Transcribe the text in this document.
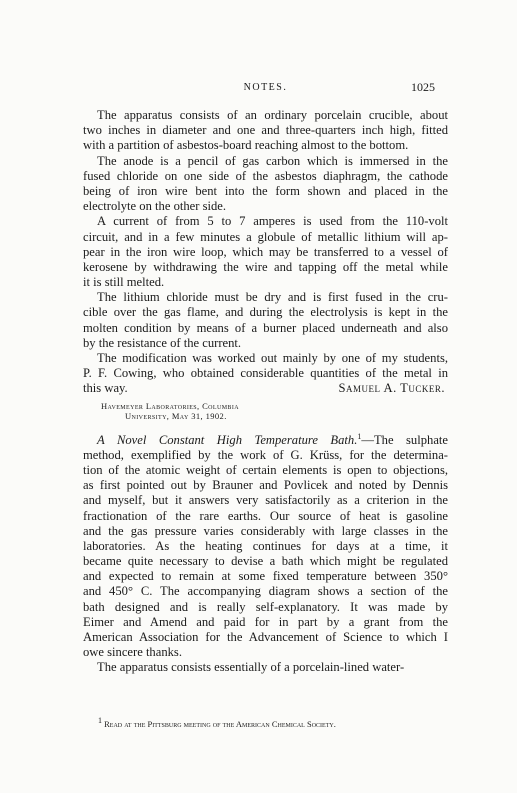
NOTES.	1025
The apparatus consists of an ordinary porcelain crucible, about
two inches in diameter and one and three-quarters inch high, fitted
with a partition of asbestos-board reaching almost to the bottom.
The anode is a pencil of gas carbon which is immersed in the
fused chloride on one side of the asbestos diaphragm, the cathode
being of iron wire bent into the form shown and placed in the
electrolyte on the other side.
A current of from 5 to 7 amperes is used from the 110-volt
circuit, and in a few minutes a globule of metallic lithium will ap-
pear in the iron wire loop, which may be transferred to a vessel of
kerosene by withdrawing the wire and tapping off the metal while
it is still melted.
The lithium chloride must be dry and is first fused in the cru-
cible over the gas flame, and during the electrolysis is kept in the
molten condition by means of a burner placed underneath and also
by the resistance of the current.
The modification was worked out mainly by one of my students,
P. F. Cowing, who obtained considerable quantities of the metal in
this way.	Samuel A. Tucker.
Havemeyer Laboratories, Columbia
University, May 31, 1902.
A Novel Constant High Temperature Bath.$^1$—The sulphate
method, exemplified by the work of G. Krüss, for the determina-
tion of the atomic weight of certain elements is open to objections,
as first pointed out by Brauner and Povlicek and noted by Dennis
and myself, but it answers very satisfactorily as a criterion in the
fractionation of the rare earths. Our source of heat is gasoline
and the gas pressure varies considerably with large classes in the
laboratories. As the heating continues for days at a time, it
became quite necessary to devise a bath which might be regulated
and expected to remain at some fixed temperature between 350°
and 450° C. The accompanying diagram shows a section of the
bath designed and is really self-explanatory. It was made by
Eimer and Amend and paid for in part by a grant from the
American Association for the Advancement of Science to which I
owe sincere thanks.
The apparatus consists essentially of a porcelain-lined water-
$^1$ Read at the Pittsburg meeting of the American Chemical Society.
